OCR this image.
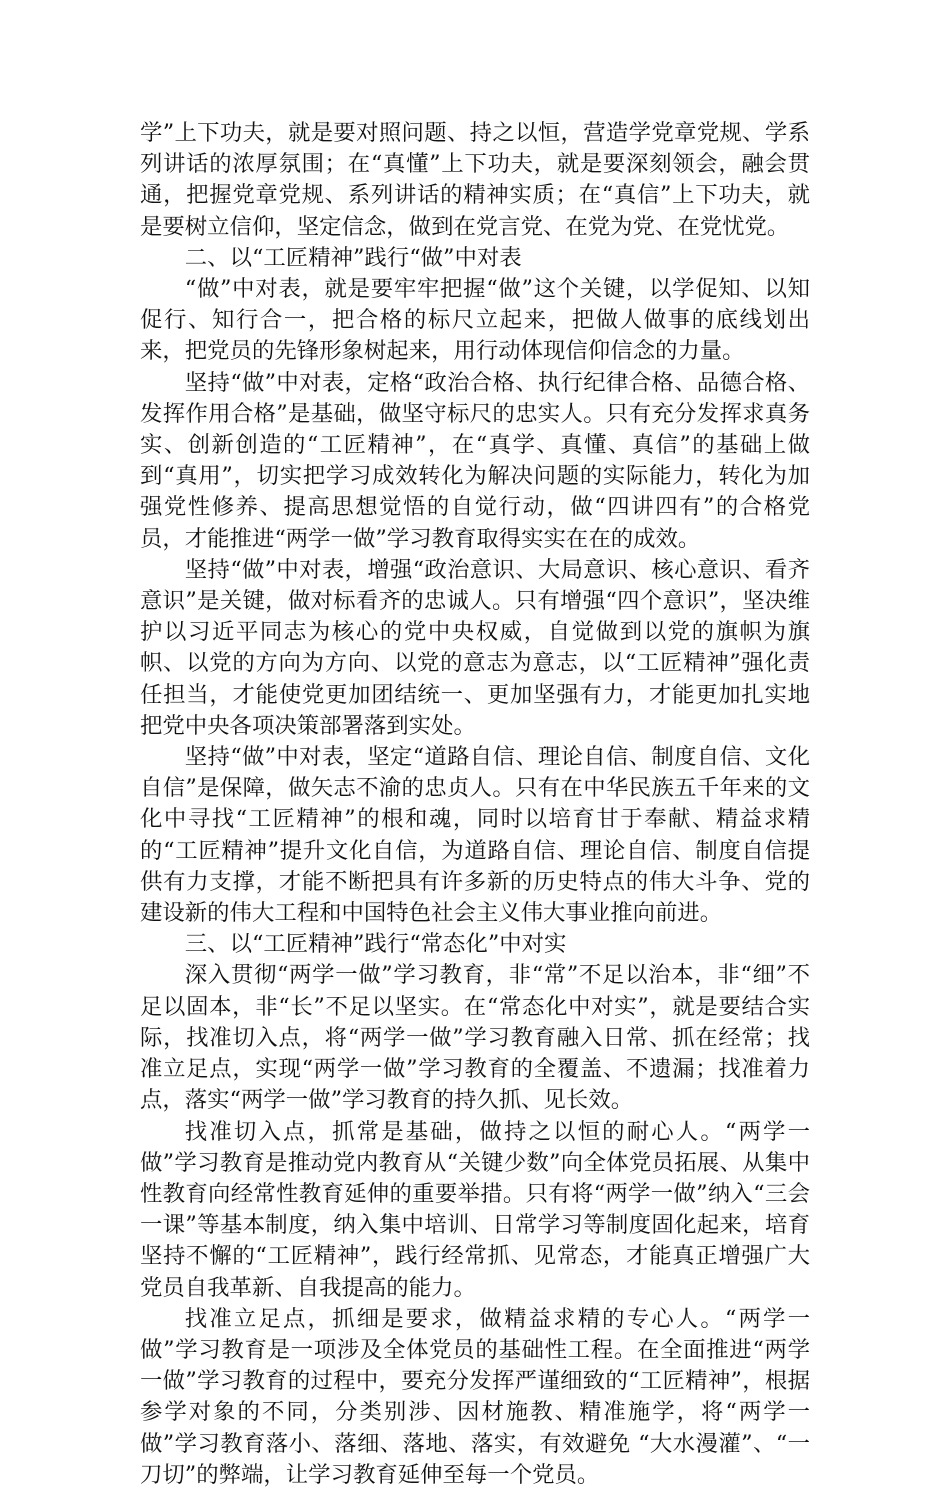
学”上下功夫，就是要对照问题、持之以恒，营造学党章党规、学系列讲话的浓厚氛围；在“真懂”上下功夫，就是要深刻领会，融会贯通，把握党章党规、系列讲话的精神实质；在“真信”上下功夫，就是要树立信仰，坚定信念，做到在党言党、在党为党、在党忧党。

二、以“工匠精神”践行“做”中对表

“做”中对表，就是要牢牢把握“做”这个关键，以学促知、以知促行、知行合一，把合格的标尺立起来，把做人做事的底线划出来，把党员的先锋形象树起来，用行动体现信仰信念的力量。

坚持“做”中对表，定格“政治合格、执行纪律合格、品德合格、发挥作用合格”是基础，做坚守标尺的忠实人。只有充分发挥求真务实、创新创造的“工匠精神”，在“真学、真懂、真信”的基础上做到“真用”，切实把学习成效转化为解决问题的实际能力，转化为加强党性修养、提高思想觉悟的自觉行动，做“四讲四有”的合格党员，才能推进“两学一做”学习教育取得实实在在的成效。

坚持“做”中对表，增强“政治意识、大局意识、核心意识、看齐意识”是关键，做对标看齐的忠诚人。只有增强“四个意识”，坚决维护以习近平同志为核心的党中央权威，自觉做到以党的旗帜为旗帜、以党的方向为方向、以党的意志为意志，以“工匠精神”强化责任担当，才能使党更加团结统一、更加坚强有力，才能更加扎实地把党中央各项决策部署落到实处。

坚持“做”中对表，坚定“道路自信、理论自信、制度自信、文化自信”是保障，做矢志不渝的忠贞人。只有在中华民族五千年来的文化中寻找“工匠精神”的根和魂，同时以培育甘于奉献、精益求精的“工匠精神”提升文化自信，为道路自信、理论自信、制度自信提供有力支撑，才能不断把具有许多新的历史特点的伟大斗争、党的建设新的伟大工程和中国特色社会主义伟大事业推向前进。

三、以“工匠精神”践行“常态化”中对实

深入贯彻“两学一做”学习教育，非“常”不足以治本，非“细”不足以固本，非“长”不足以坚实。在“常态化中对实”，就是要结合实际，找准切入点，将“两学一做”学习教育融入日常、抓在经常；找准立足点，实现“两学一做”学习教育的全覆盖、不遗漏；找准着力点，落实“两学一做”学习教育的持久抓、见长效。

找准切入点，抓常是基础，做持之以恒的耐心人。“两学一做”学习教育是推动党内教育从“关键少数”向全体党员拓展、从集中性教育向经常性教育延伸的重要举措。只有将“两学一做”纳入“三会一课”等基本制度，纳入集中培训、日常学习等制度固化起来，培育坚持不懈的“工匠精神”，践行经常抓、见常态，才能真正增强广大党员自我革新、自我提高的能力。

找准立足点，抓细是要求，做精益求精的专心人。“两学一做”学习教育是一项涉及全体党员的基础性工程。在全面推进“两学一做”学习教育的过程中，要充分发挥严谨细致的“工匠精神”，根据参学对象的不同，分类别涉、因材施教、精准施学，将“两学一做”学习教育落小、落细、落地、落实，有效避免 “大水漫灌”、“一刀切”的弊端，让学习教育延伸至每一个党员。
